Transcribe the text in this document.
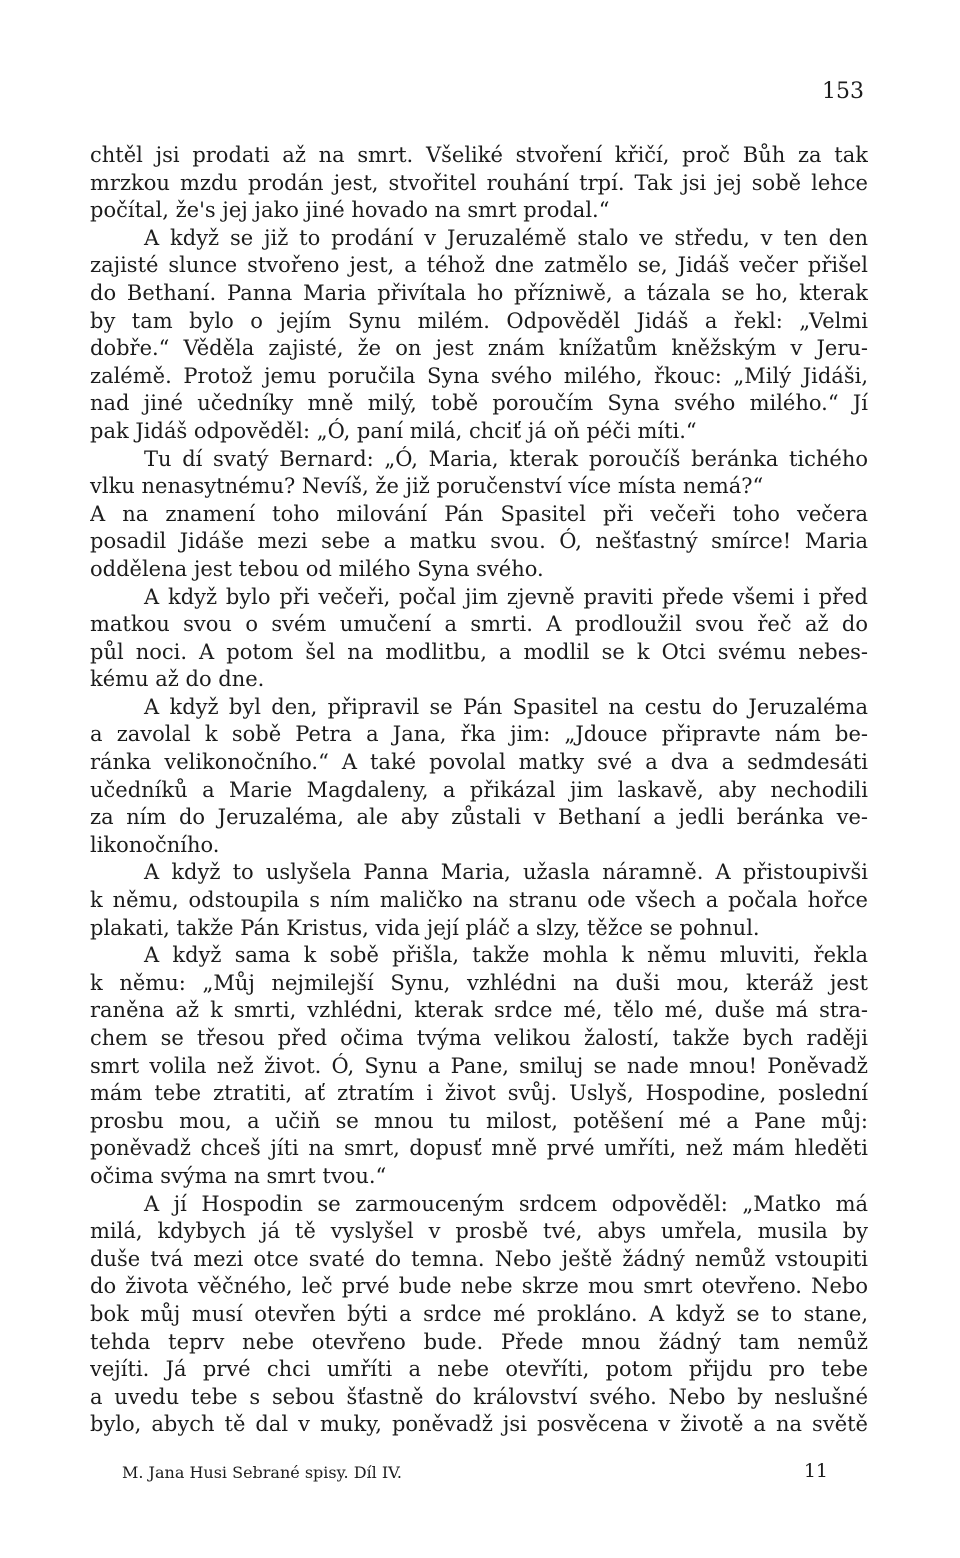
153
chtěl jsi prodati až na smrt. Všeliké stvoření křičí, proč Bůh za tak
mrzkou mzdu prodán jest, stvořitel rouhání trpí. Tak jsi jej sobě lehce
počítal, že's jej jako jiné hovado na smrt prodal.“
A když se již to prodání v Jeruzalémě stalo ve středu, v ten den
zajisté slunce stvořeno jest, a téhož dne zatmělo se, Jidáš večer přišel
do Bethaní. Panna Maria přivítala ho přízniwě, a tázala se ho, kterak
by tam bylo o jejím Synu milém. Odpověděl Jidáš a řekl: „Velmi
dobře.“ Věděla zajisté, že on jest znám knížatům kněžským v Jeru-
zalémě. Protož jemu poručila Syna svého milého, řkouc: „Milý Jidáši,
nad jiné učedníky mně milý, tobě poroučím Syna svého milého.“ Jí
pak Jidáš odpověděl: „Ó, paní milá, chciť já oň péči míti.“
Tu dí svatý Bernard: „Ó, Maria, kterak poroučíš beránka tichého
vlku nenasytnému? Nevíš, že již poručenství více místa nemá?“
A na znamení toho milování Pán Spasitel při večeři toho večera
posadil Jidáše mezi sebe a matku svou. Ó, nešťastný smírce! Maria
oddělena jest tebou od milého Syna svého.
A když bylo při večeři, počal jim zjevně praviti přede všemi i před
matkou svou o svém umučení a smrti. A prodloužil svou řeč až do
půl noci. A potom šel na modlitbu, a modlil se k Otci svému nebes-
kému až do dne.
A když byl den, připravil se Pán Spasitel na cestu do Jeruzaléma
a zavolal k sobě Petra a Jana, řka jim: „Jdouce připravte nám be-
ránka velikonočního.“ A také povolal matky své a dva a sedmdesáti
učedníků a Marie Magdaleny, a přikázal jim laskavě, aby nechodili
za ním do Jeruzaléma, ale aby zůstali v Bethaní a jedli beránka ve-
likonočního.
A když to uslyšela Panna Maria, užasla náramně. A přistoupivši
k němu, odstoupila s ním maličko na stranu ode všech a počala hořce
plakati, takže Pán Kristus, vida její pláč a slzy, těžce se pohnul.
A když sama k sobě přišla, takže mohla k němu mluviti, řekla
k němu: „Můj nejmilejší Synu, vzhlédni na duši mou, kteráž jest
raněna až k smrti, vzhlédni, kterak srdce mé, tělo mé, duše má stra-
chem se třesou před očima tvýma velikou žalostí, takže bych raději
smrt volila než život. Ó, Synu a Pane, smiluj se nade mnou! Poněvadž
mám tebe ztratiti, ať ztratím i život svůj. Uslyš, Hospodine, poslední
prosbu mou, a učiň se mnou tu milost, potěšení mé a Pane můj:
poněvadž chceš jíti na smrt, dopusť mně prvé umříti, než mám hleděti
očima svýma na smrt tvou.“
A jí Hospodin se zarmouceným srdcem odpověděl: „Matko má
milá, kdybych já tě vyslyšel v prosbě tvé, abys umřela, musila by
duše tvá mezi otce svaté do temna. Nebo ještě žádný nemůž vstoupiti
do života věčného, leč prvé bude nebe skrze mou smrt otevřeno. Nebo
bok můj musí otevřen býti a srdce mé prokláno. A když se to stane,
tehda teprv nebe otevřeno bude. Přede mnou žádný tam nemůž
vejíti. Já prvé chci umříti a nebe otevříti, potom přijdu pro tebe
a uvedu tebe s sebou šťastně do království svého. Nebo by neslušné
bylo, abych tě dal v muky, poněvadž jsi posvěcena v životě a na světě
M. Jana Husi Sebrané spisy. Díl IV.	11
